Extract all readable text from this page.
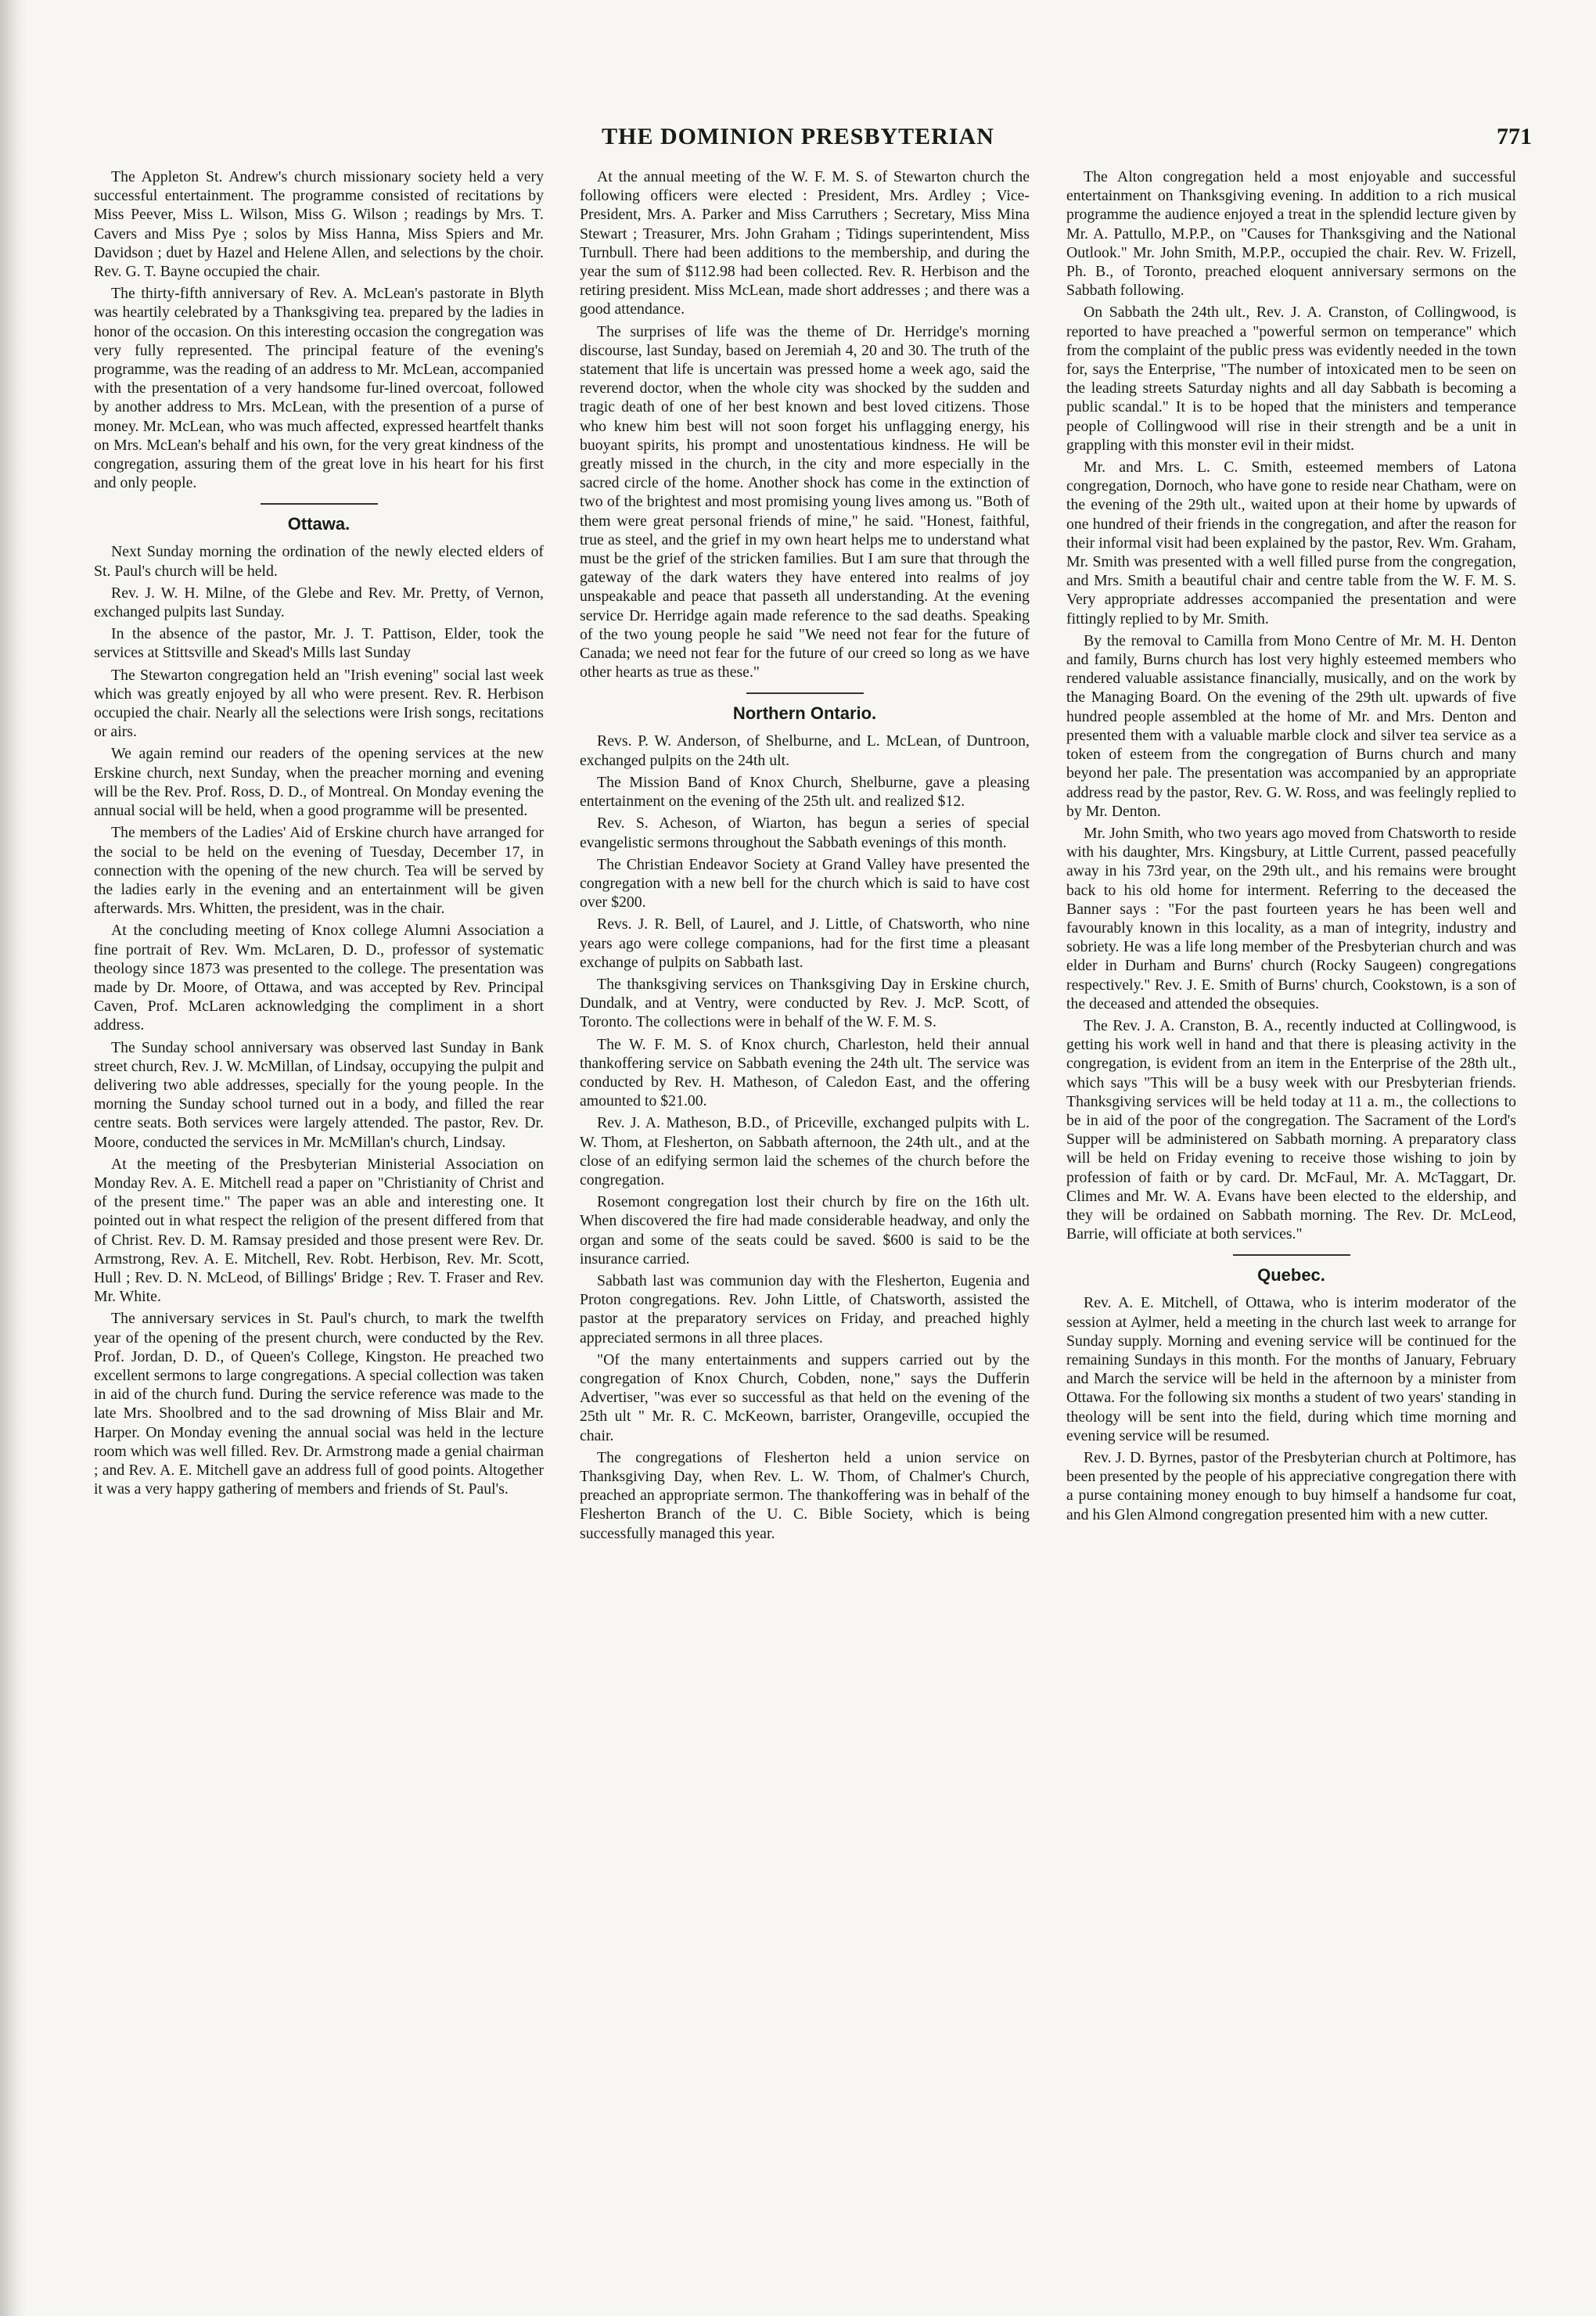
THE DOMINION PRESBYTERIAN	771

The Appleton St. Andrew's church missionary society held a very successful entertainment. The programme consisted of recitations by Miss Peever, Miss L. Wilson, Miss G. Wilson ; readings by Mrs. T. Cavers and Miss Pye ; solos by Miss Hanna, Miss Spiers and Mr. Davidson ; duet by Hazel and Helene Allen, and selections by the choir. Rev. G. T. Bayne occupied the chair.

The thirty-fifth anniversary of Rev. A. McLean's pastorate in Blyth was heartily celebrated by a Thanksgiving tea. prepared by the ladies in honor of the occasion. On this interesting occasion the congregation was very fully represented. The principal feature of the evening's programme, was the reading of an address to Mr. McLean, accompanied with the presentation of a very handsome fur-lined overcoat, followed by another address to Mrs. McLean, with the presention of a purse of money. Mr. McLean, who was much affected, expressed heartfelt thanks on Mrs. McLean's behalf and his own, for the very great kindness of the congregation, assuring them of the great love in his heart for his first and only people.

Ottawa.

Next Sunday morning the ordination of the newly elected elders of St. Paul's church will be held.

Rev. J. W. H. Milne, of the Glebe and Rev. Mr. Pretty, of Vernon, exchanged pulpits last Sunday.

In the absence of the pastor, Mr. J. T. Pattison, Elder, took the services at Stittsville and Skead's Mills last Sunday

The Stewarton congregation held an "Irish evening" social last week which was greatly enjoyed by all who were present. Rev. R. Herbison occupied the chair. Nearly all the selections were Irish songs, recitations or airs.

We again remind our readers of the opening services at the new Erskine church, next Sunday, when the preacher morning and evening will be the Rev. Prof. Ross, D. D., of Montreal. On Monday evening the annual social will be held, when a good programme will be presented.

The members of the Ladies' Aid of Erskine church have arranged for the social to be held on the evening of Tuesday, December 17, in connection with the opening of the new church. Tea will be served by the ladies early in the evening and an entertainment will be given afterwards. Mrs. Whitten, the president, was in the chair.

At the concluding meeting of Knox college Alumni Association a fine portrait of Rev. Wm. McLaren, D. D., professor of systematic theology since 1873 was presented to the college. The presentation was made by Dr. Moore, of Ottawa, and was accepted by Rev. Principal Caven, Prof. McLaren acknowledging the compliment in a short address.

The Sunday school anniversary was observed last Sunday in Bank street church, Rev. J. W. McMillan, of Lindsay, occupying the pulpit and delivering two able addresses, specially for the young people. In the morning the Sunday school turned out in a body, and filled the rear centre seats. Both services were largely attended. The pastor, Rev. Dr. Moore, conducted the services in Mr. McMillan's church, Lindsay.

At the meeting of the Presbyterian Ministerial Association on Monday Rev. A. E. Mitchell read a paper on "Christianity of Christ and of the present time." The paper was an able and interesting one. It pointed out in what respect the religion of the present differed from that of Christ. Rev. D. M. Ramsay presided and those present were Rev. Dr. Armstrong, Rev. A. E. Mitchell, Rev. Robt. Herbison, Rev. Mr. Scott, Hull ; Rev. D. N. McLeod, of Billings' Bridge ; Rev. T. Fraser and Rev. Mr. White.

The anniversary services in St. Paul's church, to mark the twelfth year of the opening of the present church, were conducted by the Rev. Prof. Jordan, D. D., of Queen's College, Kingston. He preached two excellent sermons to large congregations. A special collection was taken in aid of the church fund. During the service reference was made to the late Mrs. Shoolbred and to the sad drowning of Miss Blair and Mr. Harper. On Monday evening the annual social was held in the lecture room which was well filled. Rev. Dr. Armstrong made a genial chairman ; and Rev. A. E. Mitchell gave an address full of good points. Altogether it was a very happy gathering of members and friends of St. Paul's.

At the annual meeting of the W. F. M. S. of Stewarton church the following officers were elected : President, Mrs. Ardley ; Vice-President, Mrs. A. Parker and Miss Carruthers ; Secretary, Miss Mina Stewart ; Treasurer, Mrs. John Graham ; Tidings superintendent, Miss Turnbull. There had been additions to the membership, and during the year the sum of $112.98 had been collected. Rev. R. Herbison and the retiring president. Miss McLean, made short addresses ; and there was a good attendance.

The surprises of life was the theme of Dr. Herridge's morning discourse, last Sunday, based on Jeremiah 4, 20 and 30. The truth of the statement that life is uncertain was pressed home a week ago, said the reverend doctor, when the whole city was shocked by the sudden and tragic death of one of her best known and best loved citizens. Those who knew him best will not soon forget his unflagging energy, his buoyant spirits, his prompt and unostentatious kindness. He will be greatly missed in the church, in the city and more especially in the sacred circle of the home. Another shock has come in the extinction of two of the brightest and most promising young lives among us. "Both of them were great personal friends of mine," he said. "Honest, faithful, true as steel, and the grief in my own heart helps me to understand what must be the grief of the stricken families. But I am sure that through the gateway of the dark waters they have entered into realms of joy unspeakable and peace that passeth all understanding. At the evening service Dr. Herridge again made reference to the sad deaths. Speaking of the two young people he said "We need not fear for the future of Canada; we need not fear for the future of our creed so long as we have other hearts as true as these."

Northern Ontario.

Revs. P. W. Anderson, of Shelburne, and L. McLean, of Duntroon, exchanged pulpits on the 24th ult.

The Mission Band of Knox Church, Shelburne, gave a pleasing entertainment on the evening of the 25th ult. and realized $12.

Rev. S. Acheson, of Wiarton, has begun a series of special evangelistic sermons throughout the Sabbath evenings of this month.

The Christian Endeavor Society at Grand Valley have presented the congregation with a new bell for the church which is said to have cost over $200.

Revs. J. R. Bell, of Laurel, and J. Little, of Chatsworth, who nine years ago were college companions, had for the first time a pleasant exchange of pulpits on Sabbath last.

The thanksgiving services on Thanksgiving Day in Erskine church, Dundalk, and at Ventry, were conducted by Rev. J. McP. Scott, of Toronto. The collections were in behalf of the W. F. M. S.

The W. F. M. S. of Knox church, Charleston, held their annual thankoffering service on Sabbath evening the 24th ult. The service was conducted by Rev. H. Matheson, of Caledon East, and the offering amounted to $21.00.

Rev. J. A. Matheson, B.D., of Priceville, exchanged pulpits with L. W. Thom, at Flesherton, on Sabbath afternoon, the 24th ult., and at the close of an edifying sermon laid the schemes of the church before the congregation.

Rosemont congregation lost their church by fire on the 16th ult. When discovered the fire had made considerable headway, and only the organ and some of the seats could be saved. $600 is said to be the insurance carried.

Sabbath last was communion day with the Flesherton, Eugenia and Proton congregations. Rev. John Little, of Chatsworth, assisted the pastor at the preparatory services on Friday, and preached highly appreciated sermons in all three places.

"Of the many entertainments and suppers carried out by the congregation of Knox Church, Cobden, none," says the Dufferin Advertiser, "was ever so successful as that held on the evening of the 25th ult " Mr. R. C. McKeown, barrister, Orangeville, occupied the chair.

The congregations of Flesherton held a union service on Thanksgiving Day, when Rev. L. W. Thom, of Chalmer's Church, preached an appropriate sermon. The thankoffering was in behalf of the Flesherton Branch of the U. C. Bible Society, which is being successfully managed this year.

The Alton congregation held a most enjoyable and successful entertainment on Thanksgiving evening. In addition to a rich musical programme the audience enjoyed a treat in the splendid lecture given by Mr. A. Pattullo, M.P.P., on "Causes for Thanksgiving and the National Outlook." Mr. John Smith, M.P.P., occupied the chair. Rev. W. Frizell, Ph. B., of Toronto, preached eloquent anniversary sermons on the Sabbath following.

On Sabbath the 24th ult., Rev. J. A. Cranston, of Collingwood, is reported to have preached a "powerful sermon on temperance" which from the complaint of the public press was evidently needed in the town for, says the Enterprise, "The number of intoxicated men to be seen on the leading streets Saturday nights and all day Sabbath is becoming a public scandal." It is to be hoped that the ministers and temperance people of Collingwood will rise in their strength and be a unit in grappling with this monster evil in their midst.

Mr. and Mrs. L. C. Smith, esteemed members of Latona congregation, Dornoch, who have gone to reside near Chatham, were on the evening of the 29th ult., waited upon at their home by upwards of one hundred of their friends in the congregation, and after the reason for their informal visit had been explained by the pastor, Rev. Wm. Graham, Mr. Smith was presented with a well filled purse from the congregation, and Mrs. Smith a beautiful chair and centre table from the W. F. M. S. Very appropriate addresses accompanied the presentation and were fittingly replied to by Mr. Smith.

By the removal to Camilla from Mono Centre of Mr. M. H. Denton and family, Burns church has lost very highly esteemed members who rendered valuable assistance financially, musically, and on the work by the Managing Board. On the evening of the 29th ult. upwards of five hundred people assembled at the home of Mr. and Mrs. Denton and presented them with a valuable marble clock and silver tea service as a token of esteem from the congregation of Burns church and many beyond her pale. The presentation was accompanied by an appropriate address read by the pastor, Rev. G. W. Ross, and was feelingly replied to by Mr. Denton.

Mr. John Smith, who two years ago moved from Chatsworth to reside with his daughter, Mrs. Kingsbury, at Little Current, passed peacefully away in his 73rd year, on the 29th ult., and his remains were brought back to his old home for interment. Referring to the deceased the Banner says : "For the past fourteen years he has been well and favourably known in this locality, as a man of integrity, industry and sobriety. He was a life long member of the Presbyterian church and was elder in Durham and Burns' church (Rocky Saugeen) congregations respectively." Rev. J. E. Smith of Burns' church, Cookstown, is a son of the deceased and attended the obsequies.

The Rev. J. A. Cranston, B. A., recently inducted at Collingwood, is getting his work well in hand and that there is pleasing activity in the congregation, is evident from an item in the Enterprise of the 28th ult., which says "This will be a busy week with our Presbyterian friends. Thanksgiving services will be held today at 11 a. m., the collections to be in aid of the poor of the congregation. The Sacrament of the Lord's Supper will be administered on Sabbath morning. A preparatory class will be held on Friday evening to receive those wishing to join by profession of faith or by card. Dr. McFaul, Mr. A. McTaggart, Dr. Climes and Mr. W. A. Evans have been elected to the eldership, and they will be ordained on Sabbath morning. The Rev. Dr. McLeod, Barrie, will officiate at both services."

Quebec.

Rev. A. E. Mitchell, of Ottawa, who is interim moderator of the session at Aylmer, held a meeting in the church last week to arrange for Sunday supply. Morning and evening service will be continued for the remaining Sundays in this month. For the months of January, February and March the service will be held in the afternoon by a minister from Ottawa. For the following six months a student of two years' standing in theology will be sent into the field, during which time morning and evening service will be resumed.

Rev. J. D. Byrnes, pastor of the Presbyterian church at Poltimore, has been presented by the people of his appreciative congregation there with a purse containing money enough to buy himself a handsome fur coat, and his Glen Almond congregation presented him with a new cutter.
